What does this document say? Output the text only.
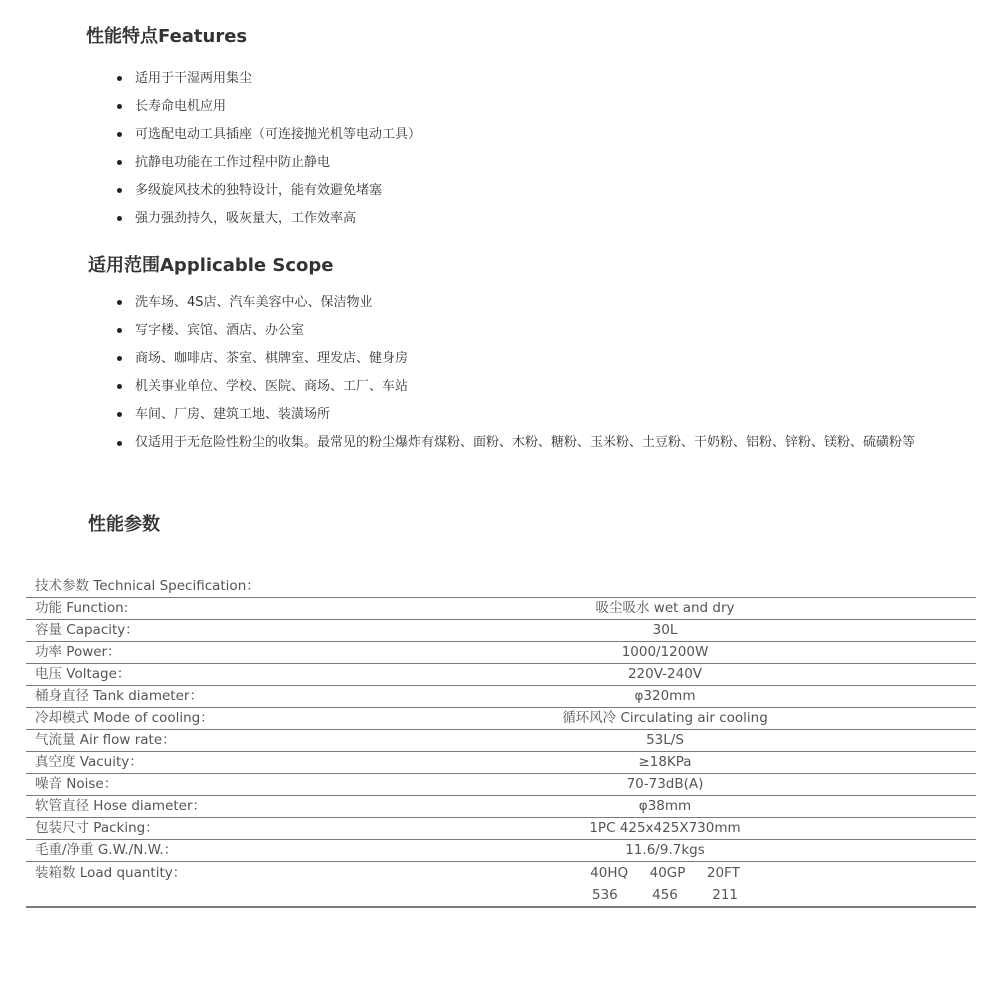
性能特点Features
适用于干湿两用集尘
长寿命电机应用
可选配电动工具插座（可连接抛光机等电动工具）
抗静电功能在工作过程中防止静电
多级旋风技术的独特设计，能有效避免堵塞
强力强劲持久，吸灰量大，工作效率高
适用范围Applicable Scope
洗车场、4S店、汽车美容中心、保洁物业
写字楼、宾馆、酒店、办公室
商场、咖啡店、茶室、棋牌室、理发店、健身房
机关事业单位、学校、医院、商场、工厂、车站
车间、厂房、建筑工地、装潢场所
仅适用于无危险性粉尘的收集。最常见的粉尘爆炸有煤粉、面粉、木粉、糖粉、玉米粉、土豆粉、干奶粉、铝粉、锌粉、镁粉、硫磺粉等
性能参数
技术参数 Technical Specification：
功能 Function:	吸尘吸水 wet and dry
容量 Capacity：	30L
功率 Power：	1000/1200W
电压 Voltage：	220V-240V
桶身直径 Tank diameter：	φ320mm
冷却模式 Mode of cooling：	循环风冷 Circulating air cooling
气流量 Air flow rate：	53L/S
真空度 Vacuity：	≥18KPa
噪音 Noise：	70-73dB(A)
软管直径 Hose diameter：	φ38mm
包装尺寸 Packing：	1PC 425x425X730mm
毛重/净重 G.W./N.W.：	11.6/9.7kgs
装箱数 Load quantity：	40HQ 40GP 20FT
536	456	211
